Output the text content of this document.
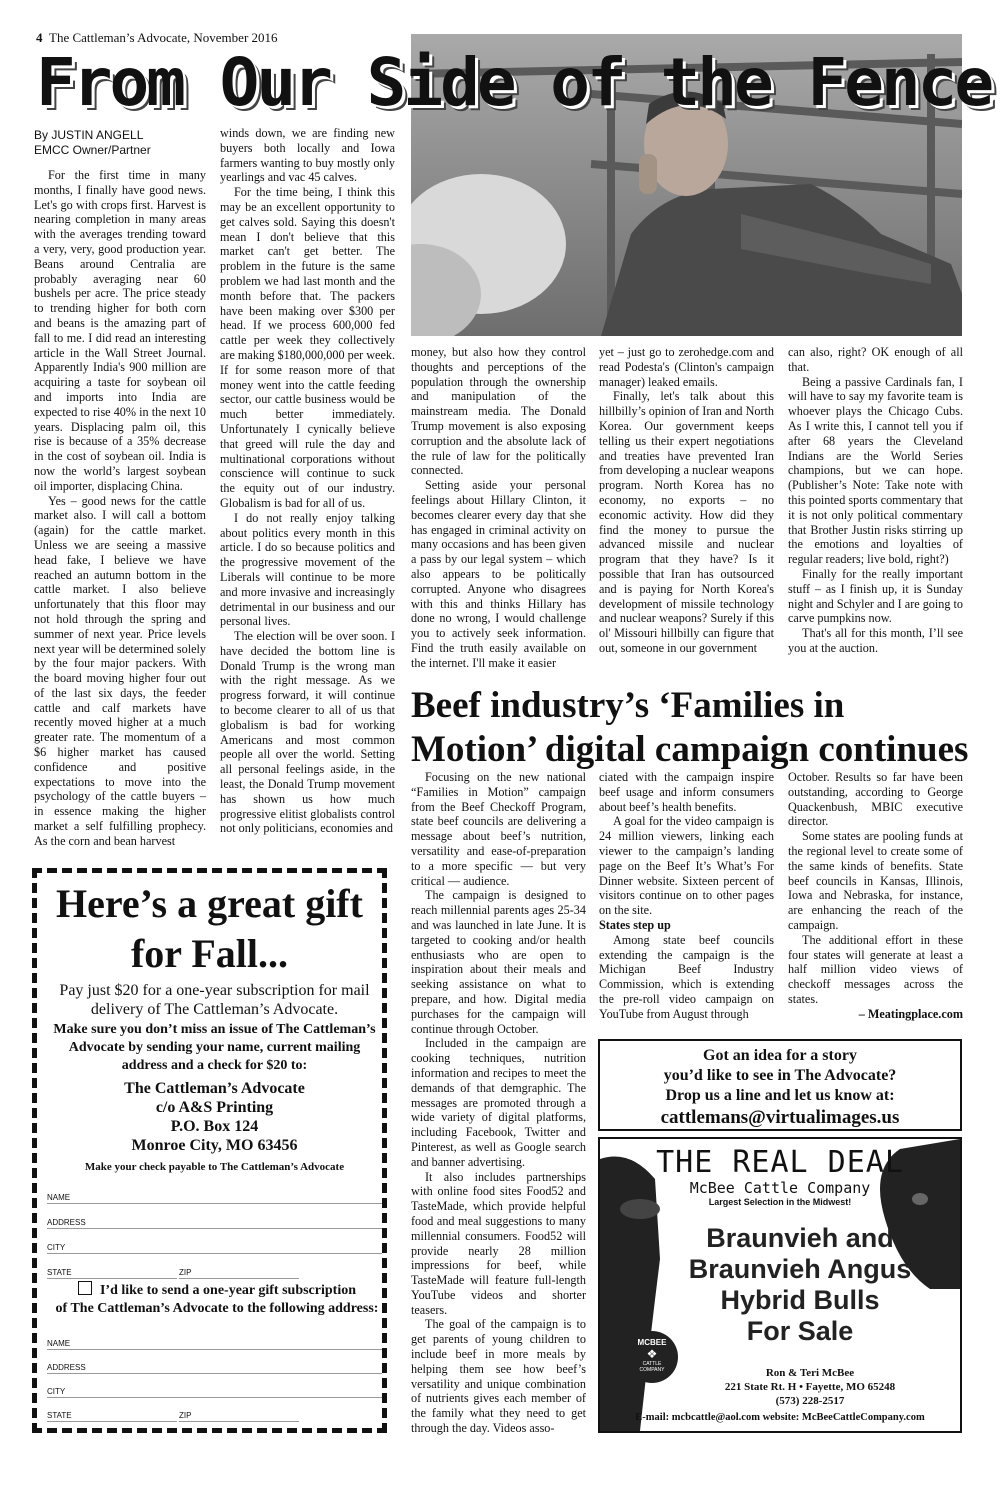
4 The Cattleman’s Advocate, November 2016
From Our Side of the Fence
By JUSTIN ANGELL
EMCC Owner/Partner

For the first time in many months, I finally have good news. Let's go with crops first. Harvest is nearing completion in many areas with the averages trending toward a very, very, good production year. Beans around Centralia are probably averaging near 60 bushels per acre. The price steady to trending higher for both corn and beans is the amazing part of fall to me. I did read an interesting article in the Wall Street Journal. Apparently India's 900 million are acquiring a taste for soybean oil and imports into India are expected to rise 40% in the next 10 years. Displacing palm oil, this rise is because of a 35% decrease in the cost of soybean oil. India is now the world’s largest soybean oil importer, displacing China.

Yes – good news for the cattle market also. I will call a bottom (again) for the cattle market. Unless we are seeing a massive head fake, I believe we have reached an autumn bottom in the cattle market. I also believe unfortunately that this floor may not hold through the spring and summer of next year. Price levels next year will be determined solely by the four major packers. With the board moving higher four out of the last six days, the feeder cattle and calf markets have recently moved higher at a much greater rate. The momentum of a $6 higher market has caused confidence and positive expectations to move into the psychology of the cattle buyers – in essence making the higher market a self fulfilling prophecy. As the corn and bean harvest

winds down, we are finding new buyers both locally and Iowa farmers wanting to buy mostly only yearlings and vac 45 calves.

For the time being, I think this may be an excellent opportunity to get calves sold. Saying this doesn't mean I don't believe that this market can't get better. The problem in the future is the same problem we had last month and the month before that. The packers have been making over $300 per head. If we process 600,000 fed cattle per week they collectively are making $180,000,000 per week. If for some reason more of that money went into the cattle feeding sector, our cattle business would be much better immediately. Unfortunately I cynically believe that greed will rule the day and multinational corporations without conscience will continue to suck the equity out of our industry. Globalism is bad for all of us.

I do not really enjoy talking about politics every month in this article. I do so because politics and the progressive movement of the Liberals will continue to be more and more invasive and increasingly detrimental in our business and our personal lives.

The election will be over soon. I have decided the bottom line is Donald Trump is the wrong man with the right message. As we progress forward, it will continue to become clearer to all of us that globalism is bad for working Americans and most common people all over the world. Setting all personal feelings aside, in the least, the Donald Trump movement has shown us how much progressive elitist globalists control not only politicians, economies and

money, but also how they control thoughts and perceptions of the population through the ownership and manipulation of the mainstream media. The Donald Trump movement is also exposing corruption and the absolute lack of the rule of law for the politically connected.

Setting aside your personal feelings about Hillary Clinton, it becomes clearer every day that she has engaged in criminal activity on many occasions and has been given a pass by our legal system – which also appears to be politically corrupted. Anyone who disagrees with this and thinks Hillary has done no wrong, I would challenge you to actively seek information. Find the truth easily available on the internet. I'll make it easier

yet – just go to zerohedge.com and read Podesta's (Clinton's campaign manager) leaked emails.

Finally, let's talk about this hillbilly’s opinion of Iran and North Korea. Our government keeps telling us their expert negotiations and treaties have prevented Iran from developing a nuclear weapons program. North Korea has no economy, no exports – no economic activity. How did they find the money to pursue the advanced missile and nuclear program that they have? Is it possible that Iran has outsourced and is paying for North Korea's development of missile technology and nuclear weapons? Surely if this ol' Missouri hillbilly can figure that out, someone in our government

can also, right? OK enough of all that.

Being a passive Cardinals fan, I will have to say my favorite team is whoever plays the Chicago Cubs. As I write this, I cannot tell you if after 68 years the Cleveland Indians are the World Series champions, but we can hope. (Publisher’s Note: Take note with this pointed sports commentary that it is not only political commentary that Brother Justin risks stirring up the emotions and loyalties of regular readers; live bold, right?)

Finally for the really important stuff – as I finish up, it is Sunday night and Schyler and I are going to carve pumpkins now.

That's all for this month, I’ll see you at the auction.

Beef industry’s ‘Families in Motion’ digital campaign continues

Focusing on the new national “Families in Motion” campaign from the Beef Checkoff Program, state beef councils are delivering a message about beef’s nutrition, versatility and ease-of-preparation to a more specific — but very critical — audience.

The campaign is designed to reach millennial parents ages 25-34 and was launched in late June. It is targeted to cooking and/or health enthusiasts who are open to inspiration about their meals and seeking assistance on what to prepare, and how. Digital media purchases for the campaign will continue through October.

Included in the campaign are cooking techniques, nutrition information and recipes to meet the demands of that demgraphic. The messages are promoted through a wide variety of digital platforms, including Facebook, Twitter and Pinterest, as well as Google search and banner advertising.

It also includes partnerships with online food sites Food52 and TasteMade, which provide helpful food and meal suggestions to many millennial consumers. Food52 will provide nearly 28 million impressions for beef, while TasteMade will feature full-length YouTube videos and shorter teasers.

The goal of the campaign is to get parents of young children to include beef in more meals by helping them see how beef’s versatility and unique combination of nutrients gives each member of the family what they need to get through the day. Videos asso-

ciated with the campaign inspire beef usage and inform consumers about beef’s health benefits.

A goal for the video campaign is 24 million viewers, linking each viewer to the campaign’s landing page on the Beef It’s What’s For Dinner website. Sixteen percent of visitors continue on to other pages on the site.

States step up

Among state beef councils extending the campaign is the Michigan Beef Industry Commission, which is extending the pre-roll video campaign on YouTube from August through

October. Results so far have been outstanding, according to George Quackenbush, MBIC executive director.

Some states are pooling funds at the regional level to create some of the same kinds of benefits. State beef councils in Kansas, Illinois, Iowa and Nebraska, for instance, are enhancing the reach of the campaign.

The additional effort in these four states will generate at least a half million video views of checkoff messages across the states.

– Meatingplace.com

Here’s a great gift
for Fall...
Pay just $20 for a one-year subscription for mail delivery of The Cattleman’s Advocate.
Make sure you don’t miss an issue of The Cattleman’s Advocate by sending your name, current mailing address and a check for $20 to:
The Cattleman’s Advocate
c/o A&S Printing
P.O. Box 124
Monroe City, MO 63456
Make your check payable to The Cattleman’s Advocate
NAME
ADDRESS
CITY
STATE	ZIP
I’d like to send a one-year gift subscription
of The Cattleman’s Advocate to the following address:
NAME
ADDRESS
CITY
STATE	ZIP
Got an idea for a story
you’d like to see in The Advocate?
Drop us a line and let us know at:
cattlemans@virtualimages.us
THE REAL DEAL
McBee Cattle Company
Largest Selection in the Midwest!
Braunvieh and
Braunvieh Angus
Hybrid Bulls
For Sale
MCBEE
❖
CATTLE
COMPANY	Ron & Teri McBee
221 State Rt. H • Fayette, MO 65248
(573) 228-2517
E-mail: mcbcattle@aol.com website: McBeeCattleCompany.com
